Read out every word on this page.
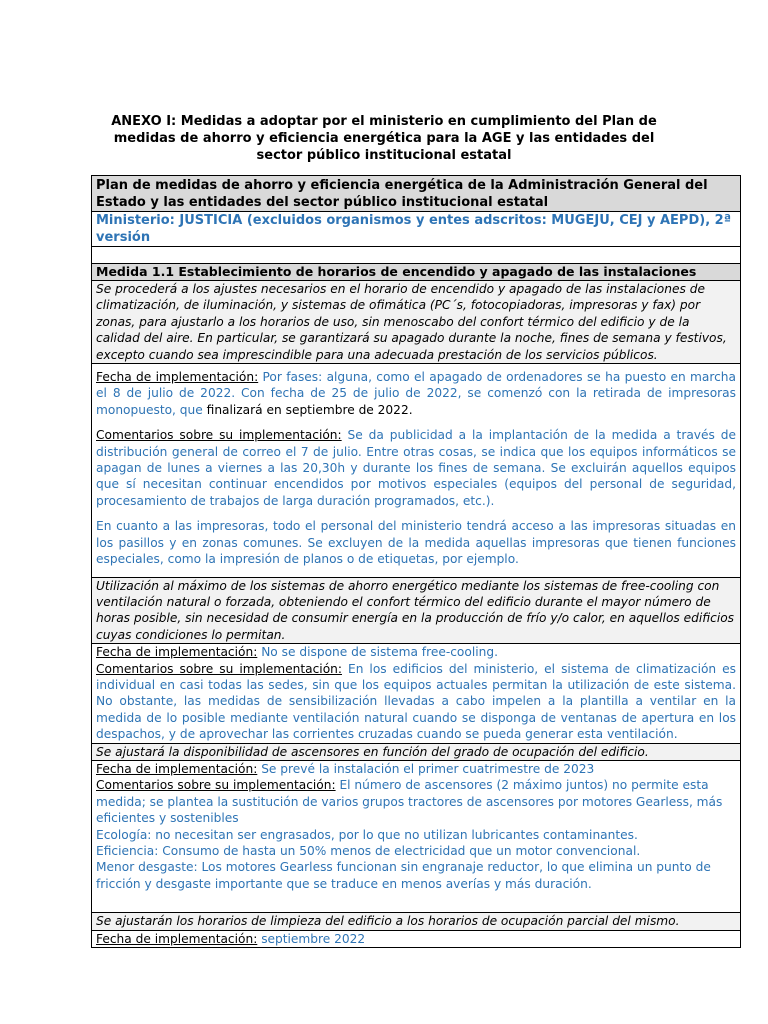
ANEXO I: Medidas a adoptar por el ministerio en cumplimiento del Plan de medidas de ahorro y eficiencia energética para la AGE y las entidades del sector público institucional estatal
Plan de medidas de ahorro y eficiencia energética de la Administración General del Estado y las entidades del sector público institucional estatal
Ministerio: JUSTICIA (excluidos organismos y entes adscritos: MUGEJU, CEJ y AEPD), 2ª versión

Medida 1.1 Establecimiento de horarios de encendido y apagado de las instalaciones
Se procederá a los ajustes necesarios en el horario de encendido y apagado de las instalaciones de climatización, de iluminación, y sistemas de ofimática (PC´s, fotocopiadoras, impresoras y fax) por zonas, para ajustarlo a los horarios de uso, sin menoscabo del confort térmico del edificio y de la calidad del aire. En particular, se garantizará su apagado durante la noche, fines de semana y festivos, excepto cuando sea imprescindible para una adecuada prestación de los servicios públicos.

Fecha de implementación: Por fases: alguna, como el apagado de ordenadores se ha puesto en marcha el 8 de julio de 2022. Con fecha de 25 de julio de 2022, se comenzó con la retirada de impresoras monopuesto, que finalizará en septiembre de 2022.

Comentarios sobre su implementación: Se da publicidad a la implantación de la medida a través de distribución general de correo el 7 de julio. Entre otras cosas, se indica que los equipos informáticos se apagan de lunes a viernes a las 20,30h y durante los fines de semana. Se excluirán aquellos equipos que sí necesitan continuar encendidos por motivos especiales (equipos del personal de seguridad, procesamiento de trabajos de larga duración programados, etc.).

En cuanto a las impresoras, todo el personal del ministerio tendrá acceso a las impresoras situadas en los pasillos y en zonas comunes. Se excluyen de la medida aquellas impresoras que tienen funciones especiales, como la impresión de planos o de etiquetas, por ejemplo.

Utilización al máximo de los sistemas de ahorro energético mediante los sistemas de free-cooling con ventilación natural o forzada, obteniendo el confort térmico del edificio durante el mayor número de horas posible, sin necesidad de consumir energía en la producción de frío y/o calor, en aquellos edificios cuyas condiciones lo permitan.

Fecha de implementación: No se dispone de sistema free-cooling.

Comentarios sobre su implementación: En los edificios del ministerio, el sistema de climatización es individual en casi todas las sedes, sin que los equipos actuales permitan la utilización de este sistema. No obstante, las medidas de sensibilización llevadas a cabo impelen a la plantilla a ventilar en la medida de lo posible mediante ventilación natural cuando se disponga de ventanas de apertura en los despachos, y de aprovechar las corrientes cruzadas cuando se pueda generar esta ventilación.

Se ajustará la disponibilidad de ascensores en función del grado de ocupación del edificio.

Fecha de implementación: Se prevé la instalación el primer cuatrimestre de 2023

Comentarios sobre su implementación: El número de ascensores (2 máximo juntos) no permite esta medida; se plantea la sustitución de varios grupos tractores de ascensores por motores Gearless, más eficientes y sostenibles

Ecología: no necesitan ser engrasados, por lo que no utilizan lubricantes contaminantes.

Eficiencia: Consumo de hasta un 50% menos de electricidad que un motor convencional.

Menor desgaste: Los motores Gearless funcionan sin engranaje reductor, lo que elimina un punto de fricción y desgaste importante que se traduce en menos averías y más duración.

Se ajustarán los horarios de limpieza del edificio a los horarios de ocupación parcial del mismo.

Fecha de implementación: septiembre 2022
